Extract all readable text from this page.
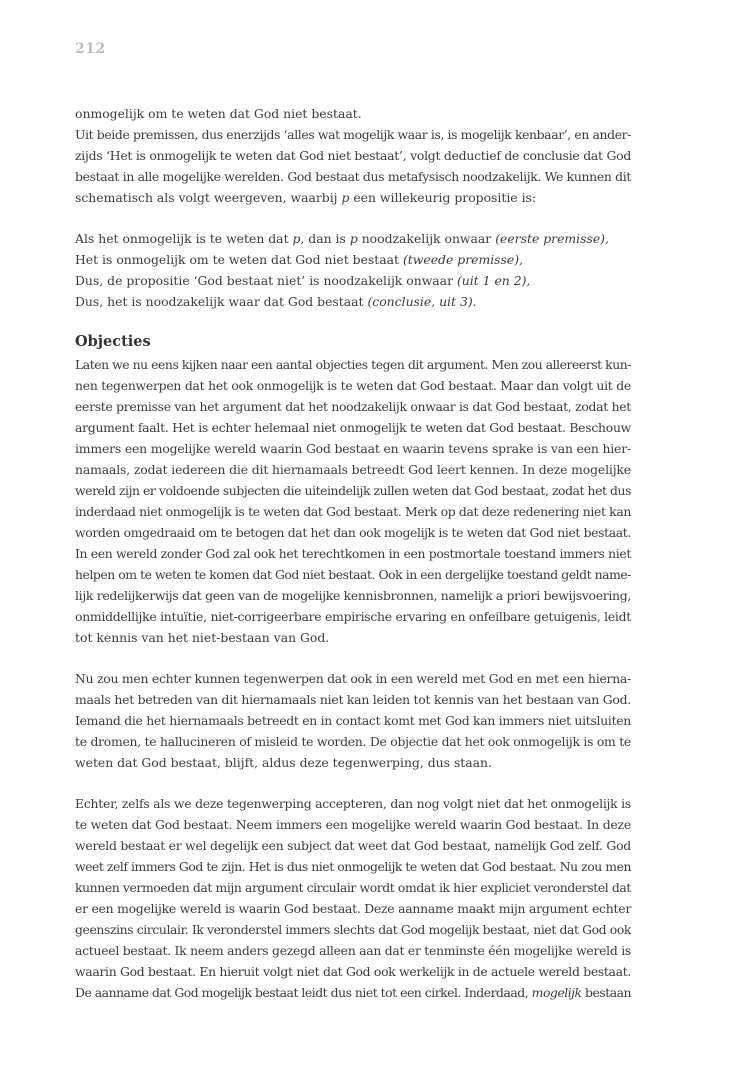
212
onmogelijk om te weten dat God niet bestaat.
Uit beide premissen, dus enerzijds ‘alles wat mogelijk waar is, is mogelijk kenbaar’, en ander-
zijds ‘Het is onmogelijk te weten dat God niet bestaat’, volgt deductief de conclusie dat God
bestaat in alle mogelijke werelden. God bestaat dus metafysisch noodzakelijk. We kunnen dit
schematisch als volgt weergeven, waarbij p een willekeurig propositie is:
Als het onmogelijk is te weten dat p, dan is p noodzakelijk onwaar (eerste premisse),
Het is onmogelijk om te weten dat God niet bestaat (tweede premisse),
Dus, de propositie ‘God bestaat niet’ is noodzakelijk onwaar (uit 1 en 2),
Dus, het is noodzakelijk waar dat God bestaat (conclusie, uit 3).
Objecties
Laten we nu eens kijken naar een aantal objecties tegen dit argument. Men zou allereerst kun-
nen tegenwerpen dat het ook onmogelijk is te weten dat God bestaat. Maar dan volgt uit de
eerste premisse van het argument dat het noodzakelijk onwaar is dat God bestaat, zodat het
argument faalt. Het is echter helemaal niet onmogelijk te weten dat God bestaat. Beschouw
immers een mogelijke wereld waarin God bestaat en waarin tevens sprake is van een hier-
namaals, zodat iedereen die dit hiernamaals betreedt God leert kennen. In deze mogelijke
wereld zijn er voldoende subjecten die uiteindelijk zullen weten dat God bestaat, zodat het dus
inderdaad niet onmogelijk is te weten dat God bestaat. Merk op dat deze redenering niet kan
worden omgedraaid om te betogen dat het dan ook mogelijk is te weten dat God niet bestaat.
In een wereld zonder God zal ook het terechtkomen in een postmortale toestand immers niet
helpen om te weten te komen dat God niet bestaat. Ook in een dergelijke toestand geldt name-
lijk redelijkerwijs dat geen van de mogelijke kennisbronnen, namelijk a priori bewijsvoering,
onmiddellijke intuïtie, niet-corrigeerbare empirische ervaring en onfeilbare getuigenis, leidt
tot kennis van het niet-bestaan van God.
Nu zou men echter kunnen tegenwerpen dat ook in een wereld met God en met een hierna-
maals het betreden van dit hiernamaals niet kan leiden tot kennis van het bestaan van God.
Iemand die het hiernamaals betreedt en in contact komt met God kan immers niet uitsluiten
te dromen, te hallucineren of misleid te worden. De objectie dat het ook onmogelijk is om te
weten dat God bestaat, blijft, aldus deze tegenwerping, dus staan.
Echter, zelfs als we deze tegenwerping accepteren, dan nog volgt niet dat het onmogelijk is
te weten dat God bestaat. Neem immers een mogelijke wereld waarin God bestaat. In deze
wereld bestaat er wel degelijk een subject dat weet dat God bestaat, namelijk God zelf. God
weet zelf immers God te zijn. Het is dus niet onmogelijk te weten dat God bestaat. Nu zou men
kunnen vermoeden dat mijn argument circulair wordt omdat ik hier expliciet veronderstel dat
er een mogelijke wereld is waarin God bestaat. Deze aanname maakt mijn argument echter
geenszins circulair. Ik veronderstel immers slechts dat God mogelijk bestaat, niet dat God ook
actueel bestaat. Ik neem anders gezegd alleen aan dat er tenminste één mogelijke wereld is
waarin God bestaat. En hieruit volgt niet dat God ook werkelijk in de actuele wereld bestaat.
De aanname dat God mogelijk bestaat leidt dus niet tot een cirkel. Inderdaad, mogelijk bestaan
